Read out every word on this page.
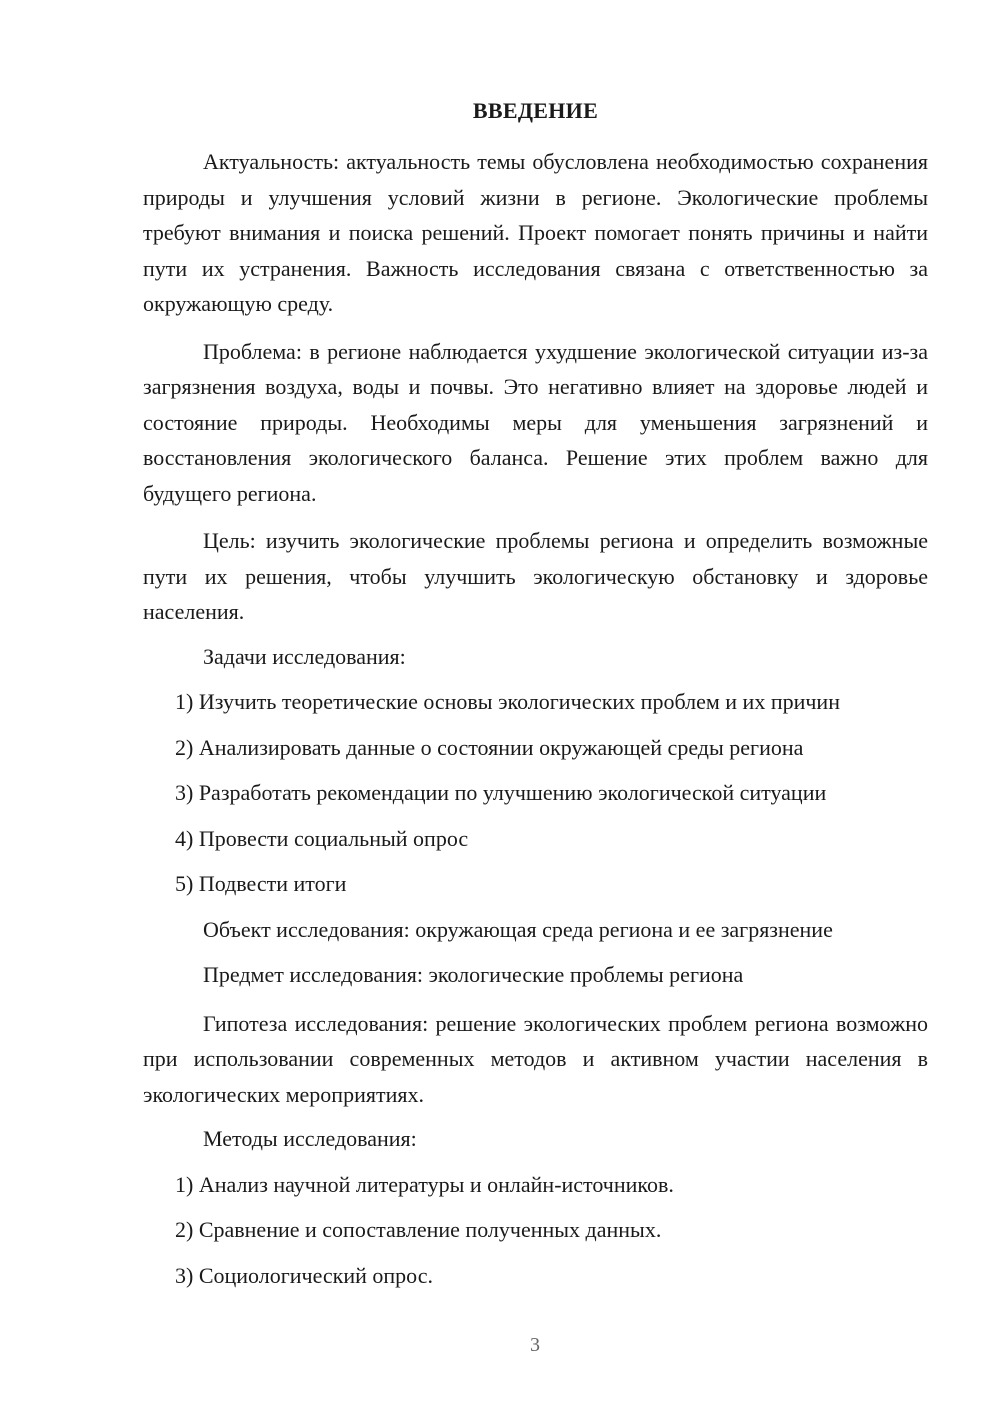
ВВЕДЕНИЕ

Актуальность: актуальность темы обусловлена необходимостью сохранения природы и улучшения условий жизни в регионе. Экологические проблемы требуют внимания и поиска решений. Проект помогает понять причины и найти пути их устранения. Важность исследования связана с ответственностью за окружающую среду.

Проблема: в регионе наблюдается ухудшение экологической ситуации из-за загрязнения воздуха, воды и почвы. Это негативно влияет на здоровье людей и состояние природы. Необходимы меры для уменьшения загрязнений и восстановления экологического баланса. Решение этих проблем важно для будущего региона.

Цель: изучить экологические проблемы региона и определить возможные пути их решения, чтобы улучшить экологическую обстановку и здоровье населения.

Задачи исследования:
1) Изучить теоретические основы экологических проблем и их причин
2) Анализировать данные о состоянии окружающей среды региона
3) Разработать рекомендации по улучшению экологической ситуации
4) Провести социальный опрос
5) Подвести итоги
Объект исследования: окружающая среда региона и ее загрязнение
Предмет исследования: экологические проблемы региона

Гипотеза исследования: решение экологических проблем региона возможно при использовании современных методов и активном участии населения в экологических мероприятиях.

Методы исследования:
1) Анализ научной литературы и онлайн-источников.
2) Сравнение и сопоставление полученных данных.
3) Социологический опрос.
3
